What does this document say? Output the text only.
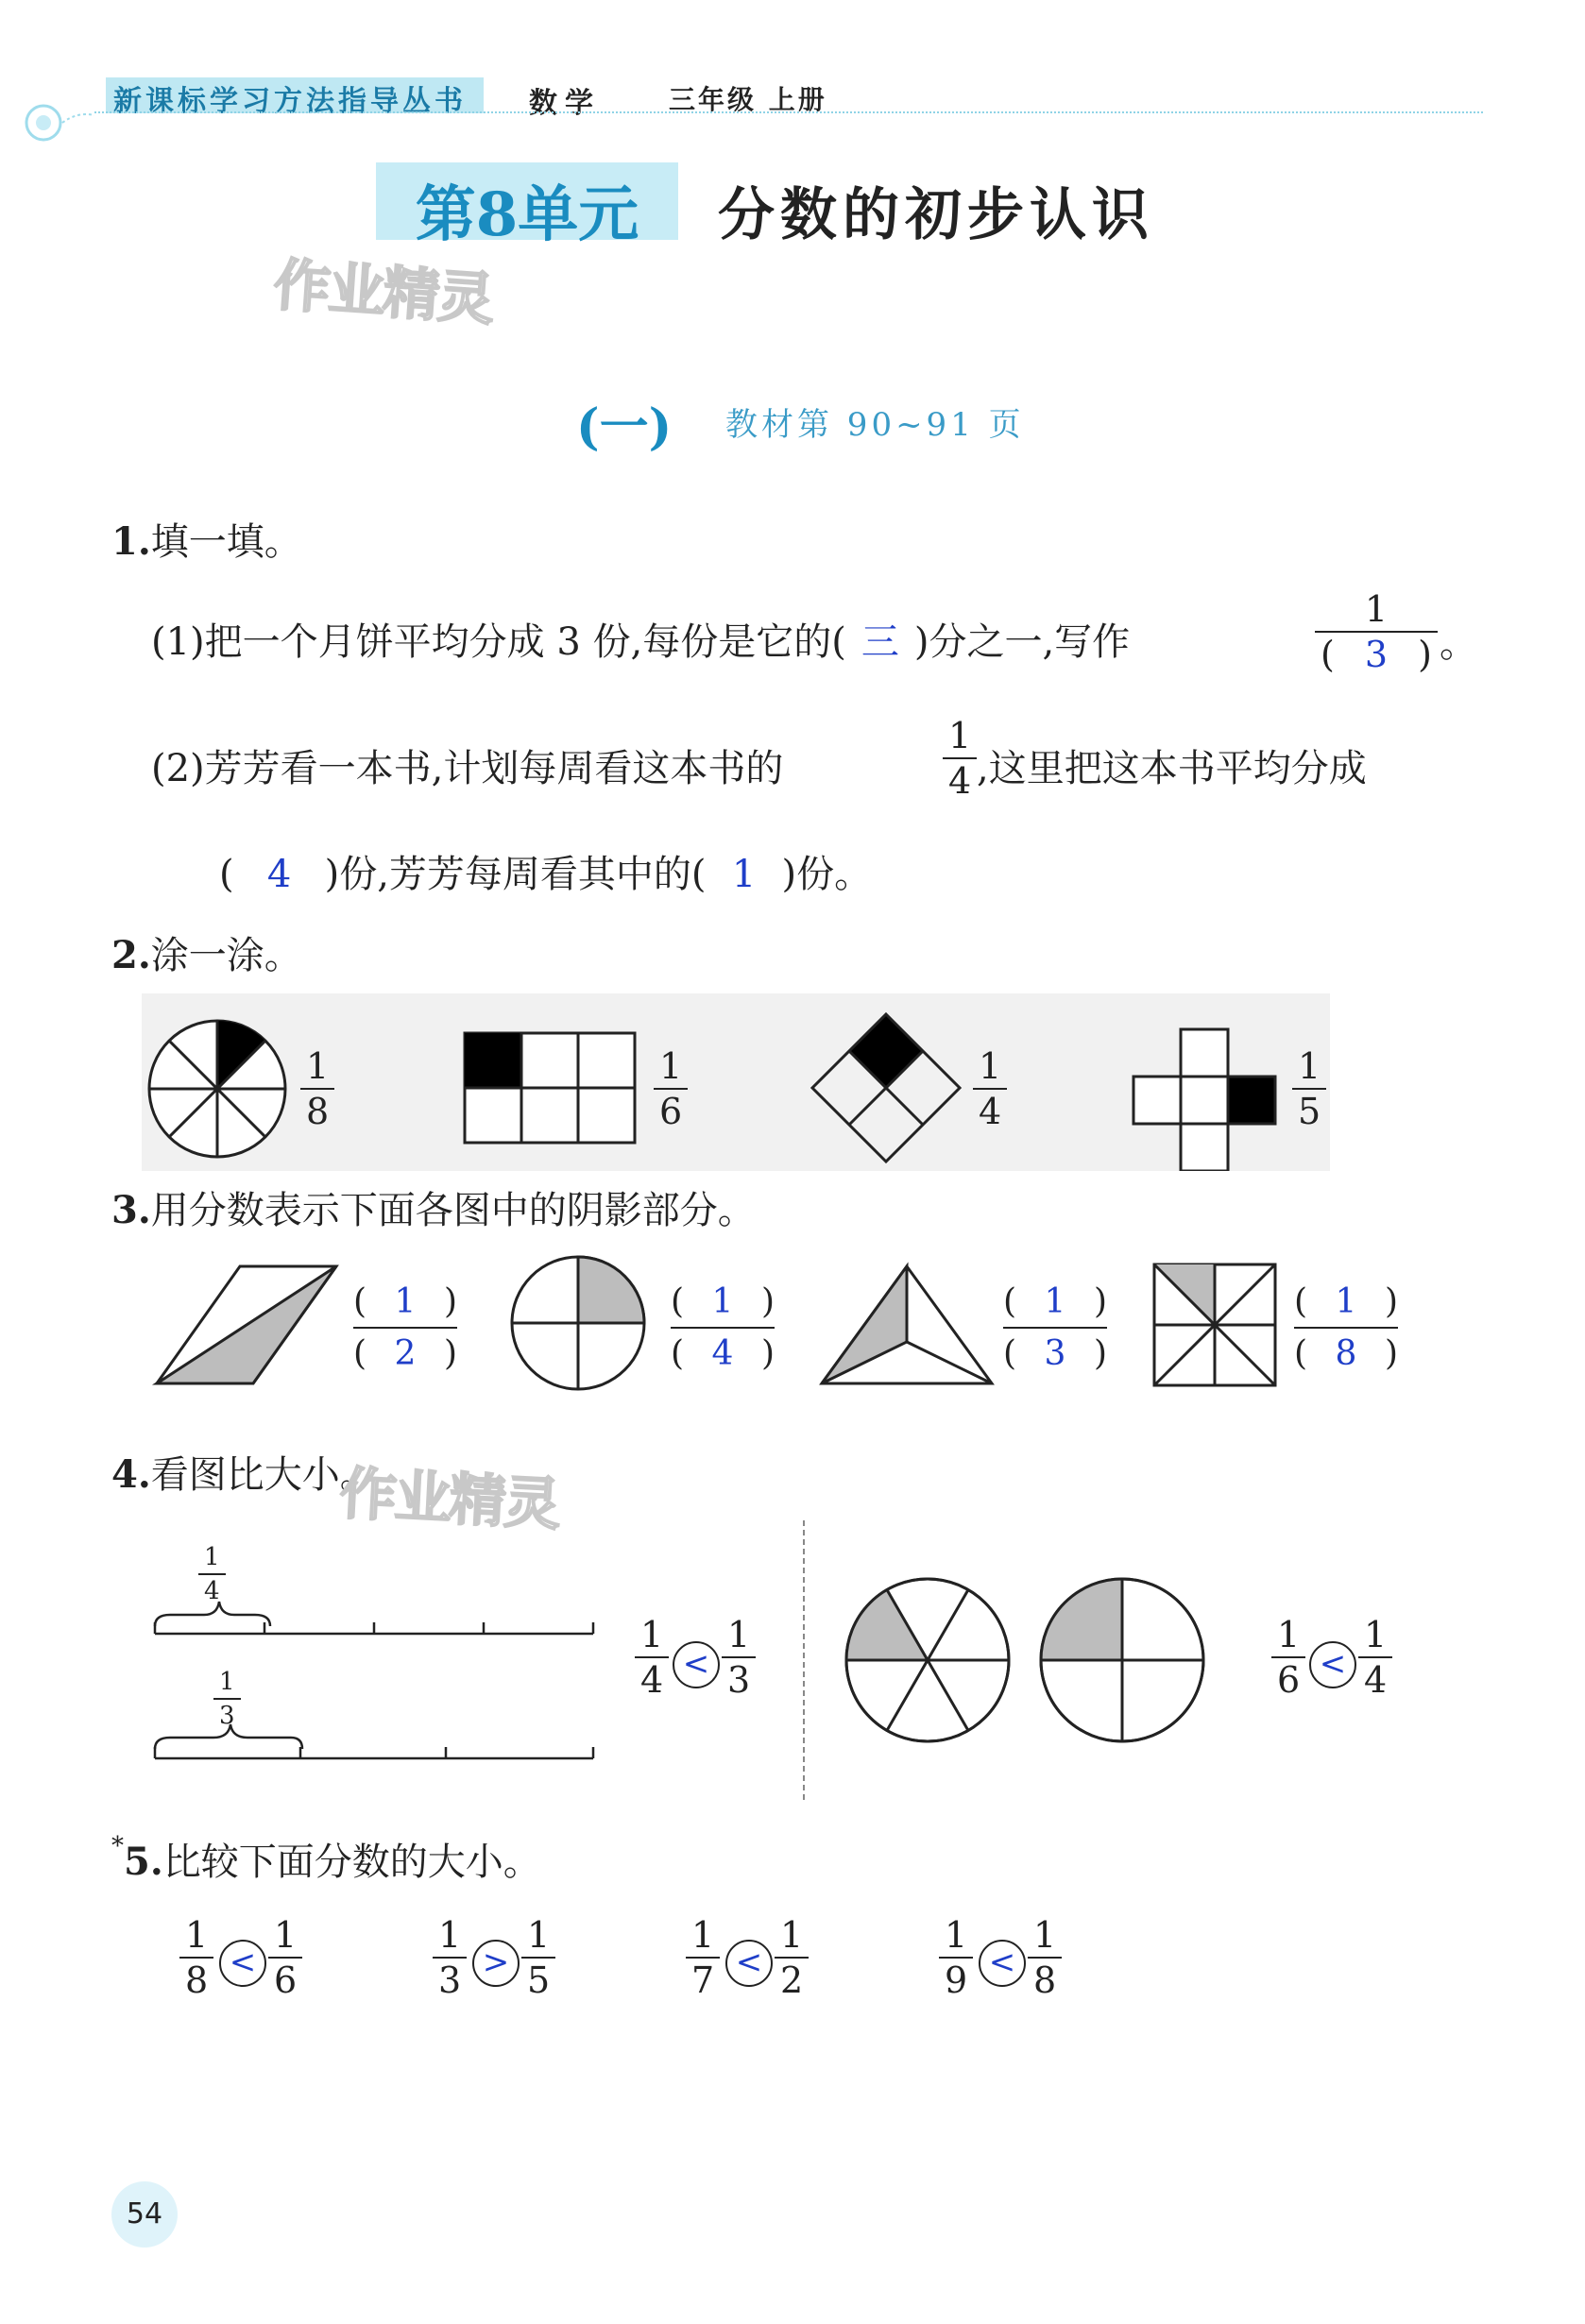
新课标学习方法指导丛书 数学	三年级 上册
第8单元	分数的初步认识
作业精灵
(一) 教材第 90~91 页
1.填一填。
(1)把一个月饼平均分成 3 份,每份是它的( 三 )分之一,写作
1
( 3 ) 。
(2)芳芳看一本书,计划每周看这本书的
1
4 ,这里把这本书平均分成
( 4 )份,芳芳每周看其中的( 1 )份。
2.涂一涂。
1
8
1
6
1
4
1
5
3.用分数表示下面各图中的阴影部分。
( 1 )
( 2 )
( 1 )
( 4 )
( 1 )
( 3 )
( 1 )
( 8 )
4.看图比大小。
作业精灵
1
4
1
3
1
4 <
1
3
1
6 <
1
4
*5.比较下面分数的大小。
1
8 <
1
6
1
3 >
1
5
1
7 <
1
2
1
9 <
1
8
54
